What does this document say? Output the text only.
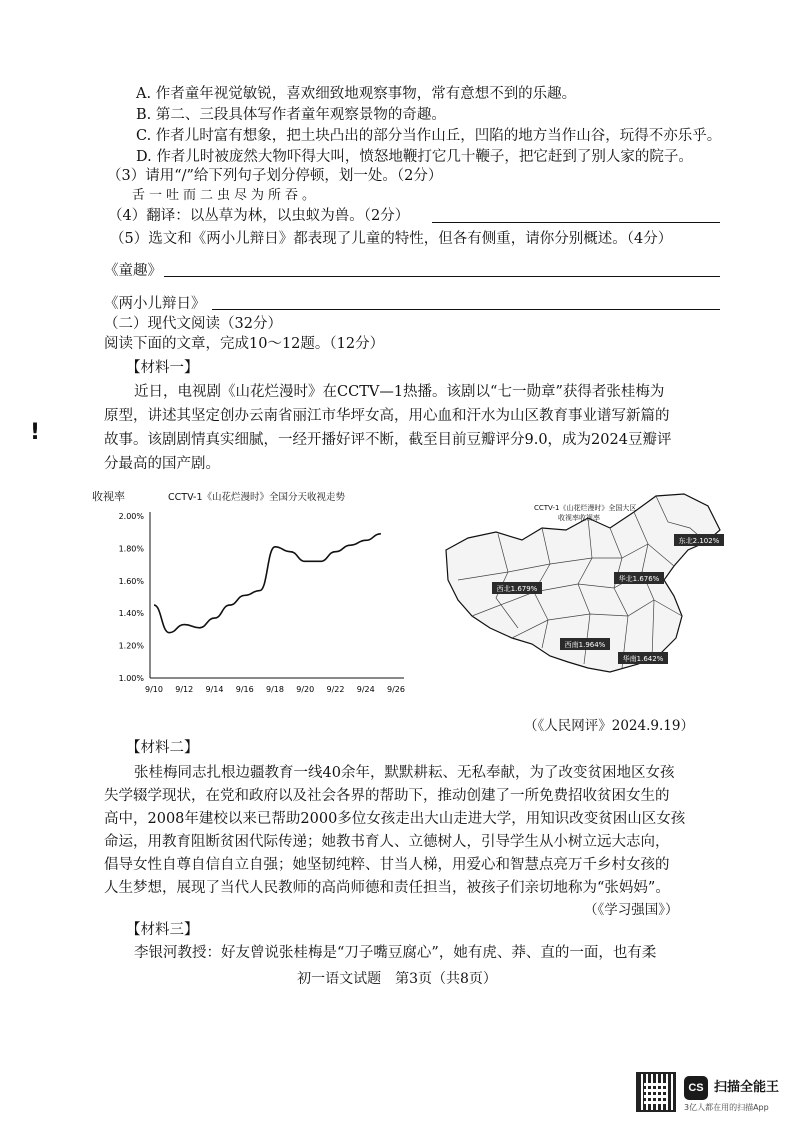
A. 作者童年视觉敏锐，喜欢细致地观察事物，常有意想不到的乐趣。
B. 第二、三段具体写作者童年观察景物的奇趣。
C. 作者儿时富有想象，把土块凸出的部分当作山丘，凹陷的地方当作山谷，玩得不亦乐乎。
D. 作者儿时被庞然大物吓得大叫，愤怒地鞭打它几十鞭子，把它赶到了别人家的院子。
（3）请用“/”给下列句子划分停顿，划一处。（2分）
舌一吐而二虫尽为所吞。
（4）翻译：以丛草为林，以虫蚁为兽。（2分）
（5）选文和《两小儿辩日》都表现了儿童的特性，但各有侧重，请你分别概述。（4分）
《童趣》
《两小儿辩日》
（二）现代文阅读（32分）
阅读下面的文章，完成10～12题。（12分）
【材料一】
近日，电视剧《山花烂漫时》在CCTV—1热播。该剧以“七一勋章”获得者张桂梅为
原型，讲述其坚定创办云南省丽江市华坪女高，用心血和汗水为山区教育事业谱写新篇的
故事。该剧剧情真实细腻，一经开播好评不断，截至目前豆瓣评分9.0，成为2024豆瓣评
分最高的国产剧。
!
收视率	CCTV-1《山花烂漫时》全国分天收视走势
2.00%
1.80%
1.60%
1.40%
1.20%
1.00%
9/10 9/12 9/14 9/16 9/18 9/20 9/22 9/24 9/26
CCTV-1《山花烂漫时》全国大区 收视率收视率
东北2.102%
华北1.676%
西北1.679%
西南1.964%
华南1.642%
（《人民网评》2024.9.19）
【材料二】
张桂梅同志扎根边疆教育一线40余年，默默耕耘、无私奉献，为了改变贫困地区女孩
失学辍学现状，在党和政府以及社会各界的帮助下，推动创建了一所免费招收贫困女生的
高中，2008年建校以来已帮助2000多位女孩走出大山走进大学，用知识改变贫困山区女孩
命运，用教育阻断贫困代际传递；她教书育人、立德树人，引导学生从小树立远大志向，
倡导女性自尊自信自立自强；她坚韧纯粹、甘当人梯，用爱心和智慧点亮万千乡村女孩的
人生梦想，展现了当代人民教师的高尚师德和责任担当，被孩子们亲切地称为“张妈妈”。
（《学习强国》）
【材料三】
李银河教授：好友曾说张桂梅是“刀子嘴豆腐心”，她有虎、莽、直的一面，也有柔
初一语文试题　第3页（共8页）
CS 扫描全能王
3亿人都在用的扫描App
